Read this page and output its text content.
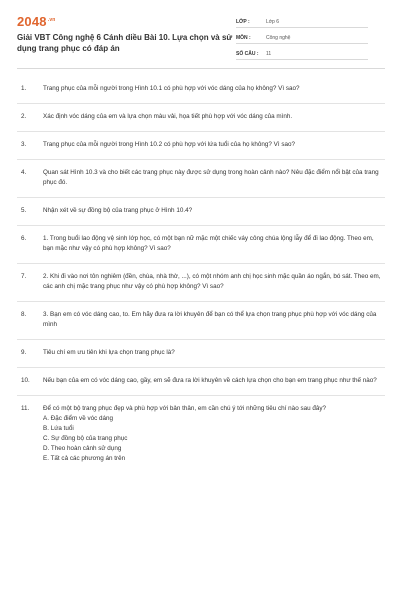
$2048^{.vn}$
Giải VBT Công nghệ 6 Cánh diều Bài 10. Lựa chọn và sử dụng trang phục có đáp án
LỚP :	Lớp 6
MÔN :	Công nghệ
SỐ CÂU :	11
1.	Trang phục của mỗi người trong Hình 10.1 có phù hợp với vóc dáng của họ không? Vì sao?
2.	Xác định vóc dáng của em và lựa chọn màu vải, họa tiết phù hợp với vóc dáng của mình.
3.	Trang phục của mỗi người trong Hình 10.2 có phù hợp với lứa tuổi của họ không? Vì sao?
4.	Quan sát Hình 10.3 và cho biết các trang phục này được sử dụng trong hoàn cảnh nào? Nêu đặc điểm nổi bật của trang phục đó.
5.	Nhận xét về sự đồng bộ của trang phục ở Hình 10.4?
6.	1. Trong buổi lao động vệ sinh lớp học, có một bạn nữ mặc một chiếc váy công chúa lộng lẫy để đi lao động. Theo em, bạn mặc như vậy có phù hợp không? Vì sao?
7.	2. Khi đi vào nơi tôn nghiêm (đền, chùa, nhà thờ, ...), có một nhóm anh chị học sinh mặc quần áo ngắn, bó sát. Theo em, các anh chị mặc trang phục như vậy có phù hợp không? Vì sao?
8.	3. Bạn em có vóc dáng cao, to. Em hãy đưa ra lời khuyên để bạn có thể lựa chọn trang phục phù hợp với vóc dáng của mình
9.	Tiêu chí em ưu tiên khi lựa chọn trang phục là?
10.	Nếu bạn của em có vóc dáng cao, gầy, em sẽ đưa ra lời khuyên về cách lựa chọn cho bạn em trang phục như thế nào?
11.	Để có một bộ trang phục đẹp và phù hợp với bản thân, em cần chú ý tới những tiêu chí nào sau đây?
A. Đặc điểm về vóc dáng
B. Lứa tuổi
C. Sự đồng bộ của trang phục
D. Theo hoàn cảnh sử dụng
E. Tất cả các phương án trên
